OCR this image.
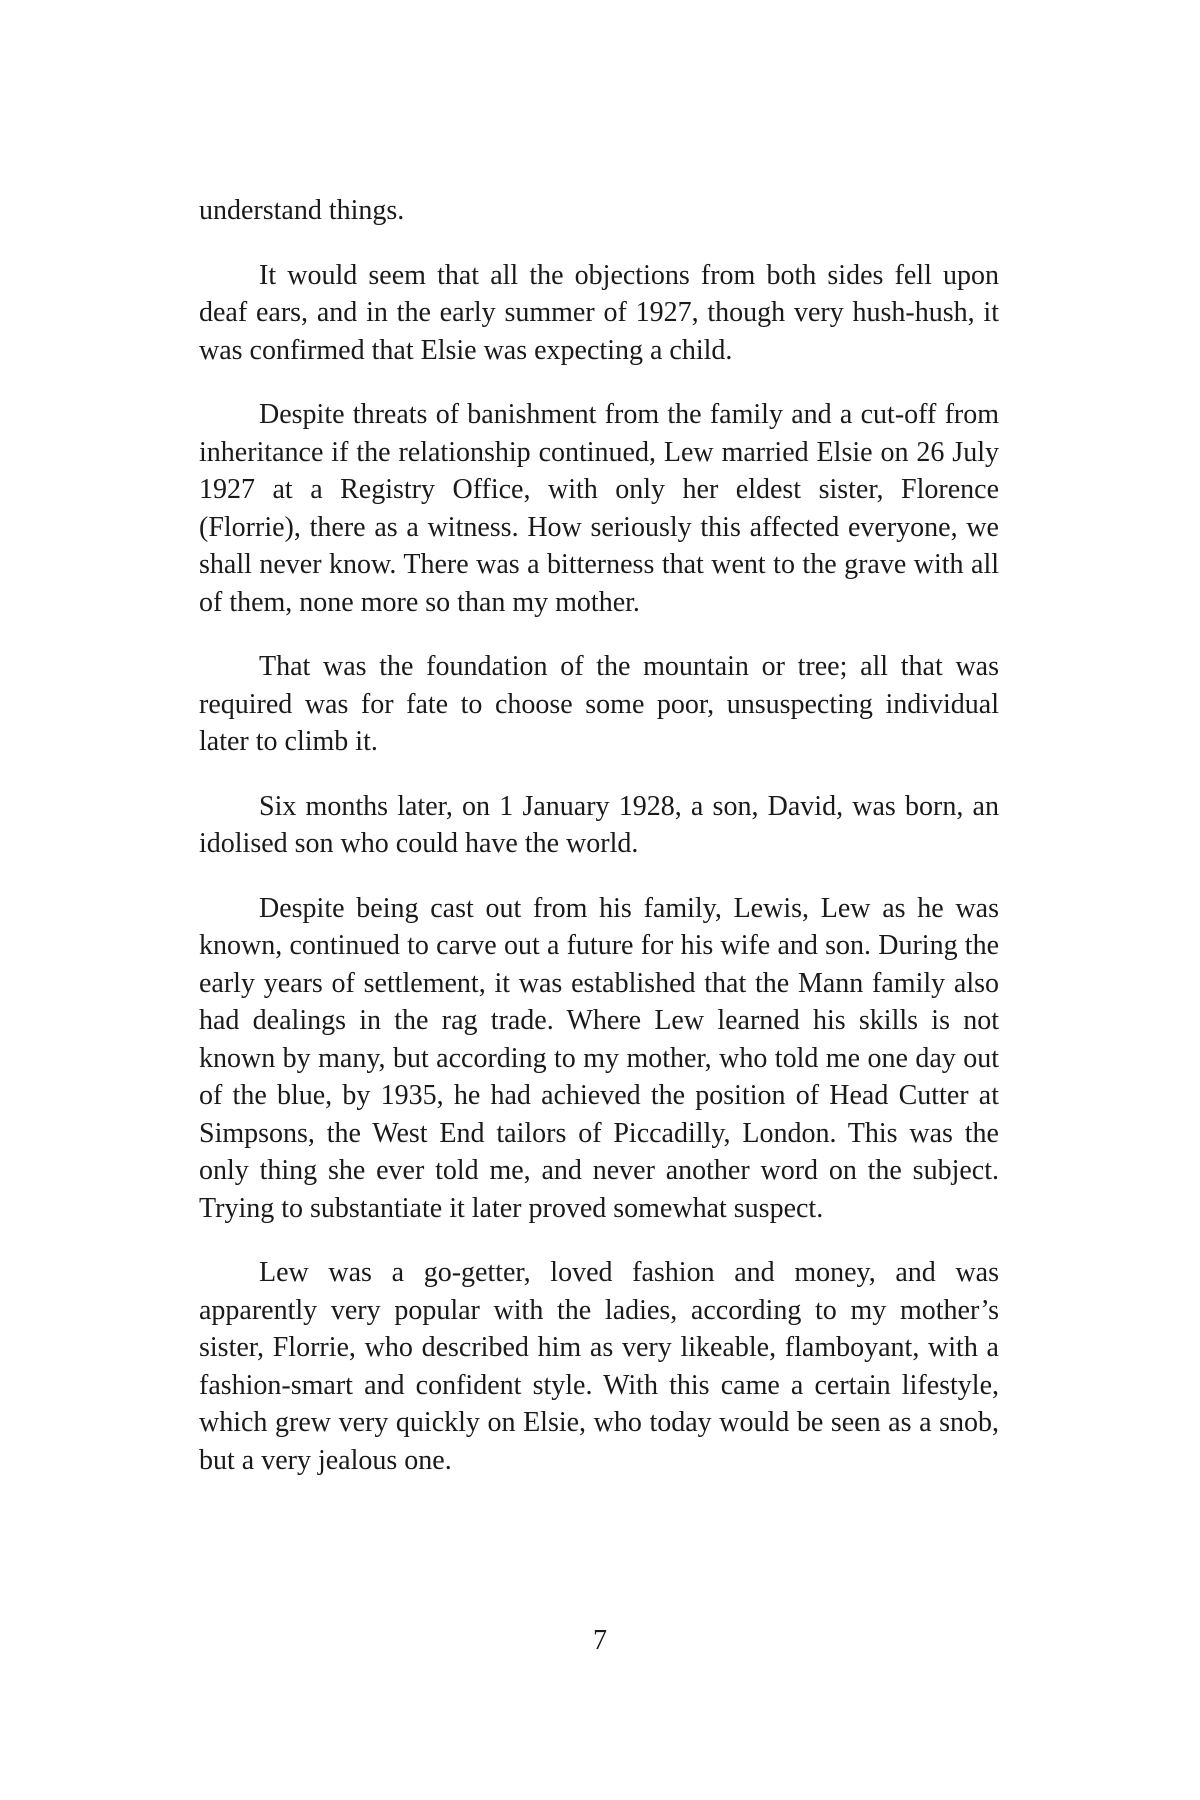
understand things.

It would seem that all the objections from both sides fell upon deaf ears, and in the early summer of 1927, though very hush-hush, it was confirmed that Elsie was expecting a child.

Despite threats of banishment from the family and a cut-off from inheritance if the relationship continued, Lew married Elsie on 26 July 1927 at a Registry Office, with only her eldest sister, Florence (Florrie), there as a witness. How seriously this affected everyone, we shall never know. There was a bitterness that went to the grave with all of them, none more so than my mother.

That was the foundation of the mountain or tree; all that was required was for fate to choose some poor, unsuspecting individual later to climb it.

Six months later, on 1 January 1928, a son, David, was born, an idolised son who could have the world.

Despite being cast out from his family, Lewis, Lew as he was known, continued to carve out a future for his wife and son. During the early years of settlement, it was established that the Mann family also had dealings in the rag trade. Where Lew learned his skills is not known by many, but according to my mother, who told me one day out of the blue, by 1935, he had achieved the position of Head Cutter at Simpsons, the West End tailors of Piccadilly, London. This was the only thing she ever told me, and never another word on the subject. Trying to substantiate it later proved somewhat suspect.

Lew was a go-getter, loved fashion and money, and was apparently very popular with the ladies, according to my mother’s sister, Florrie, who described him as very likeable, flamboyant, with a fashion-smart and confident style. With this came a certain lifestyle, which grew very quickly on Elsie, who today would be seen as a snob, but a very jealous one.

7
